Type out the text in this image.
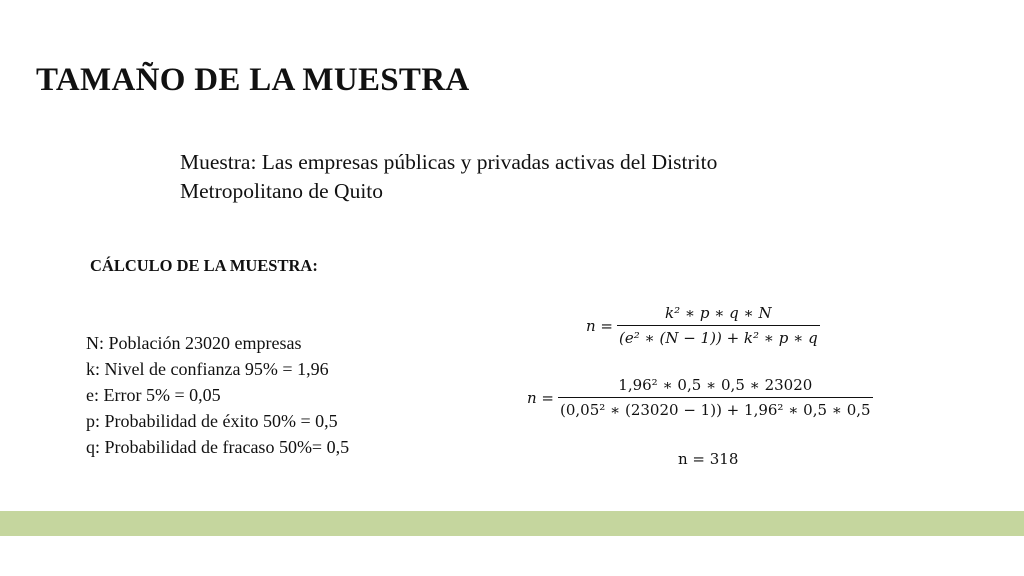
TAMAÑO DE LA MUESTRA
Muestra: Las empresas públicas y privadas activas del Distrito
Metropolitano de Quito
CÁLCULO DE LA MUESTRA:
N: Población 23020 empresas
k: Nivel de confianza 95% = 1,96
e: Error 5% = 0,05
p: Probabilidad de éxito 50% = 0,5
q: Probabilidad de fracaso 50%= 0,5
$n = \frac{\text{k² ∗ p ∗ q ∗ N}}{\text{(e² ∗ (N − 1)) + k² ∗ p ∗ q}}$
$n = \frac{\text{1,96² ∗ 0,5 ∗ 0,5 ∗ 23020}}{\text{(0,05² ∗ (23020 − 1)) + 1,96² ∗ 0,5 ∗ 0,5}}$
n = 318
